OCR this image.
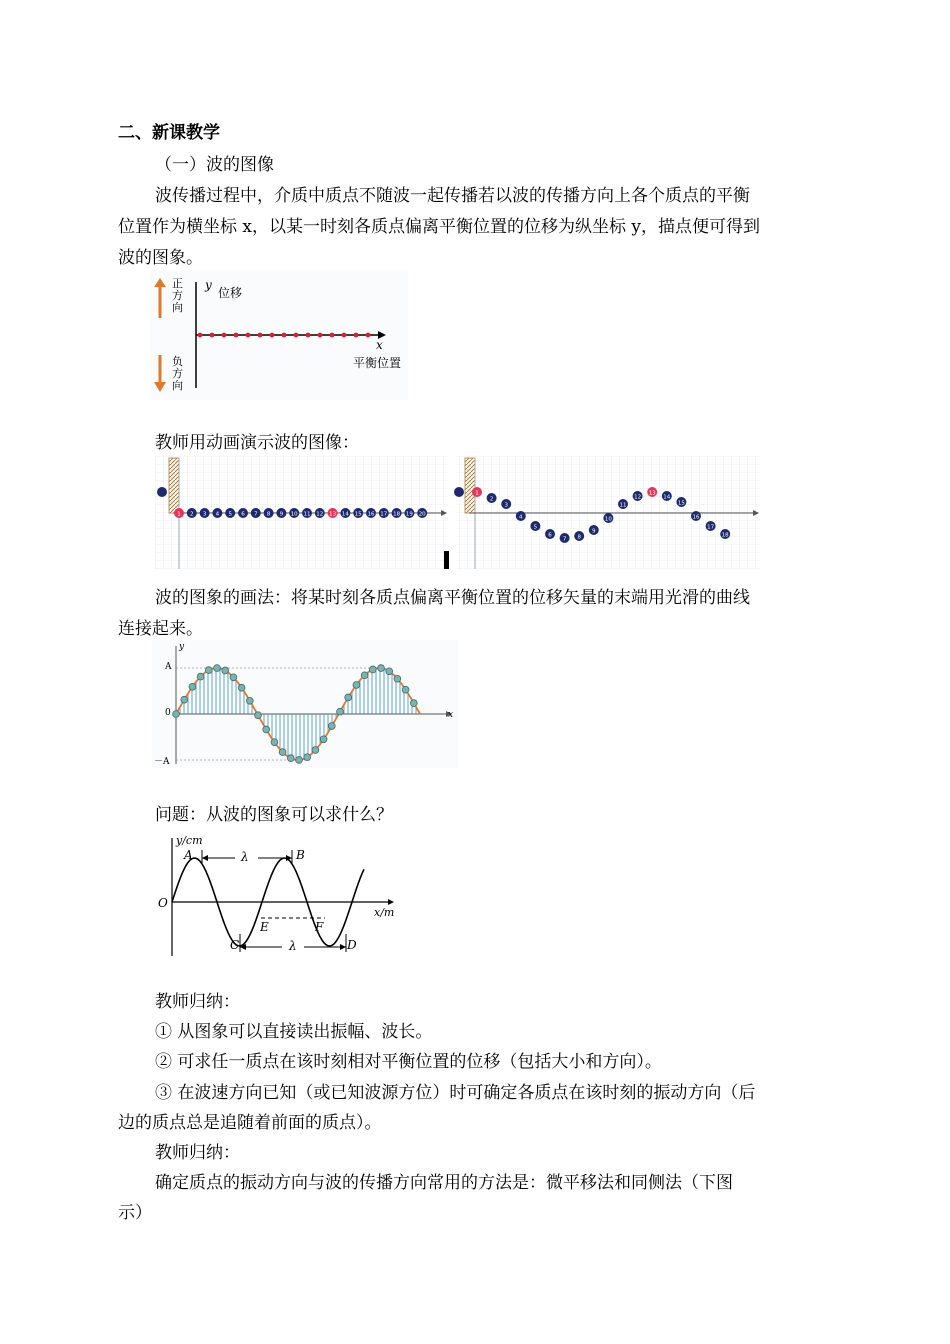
二、新课教学
（一）波的图像
波传播过程中，介质中质点不随波一起传播若以波的传播方向上各个质点的平衡
位置作为横坐标 x，以某一时刻各质点偏离平衡位置的位移为纵坐标 y，描点便可得到
波的图象。
正方向
负方向
y
位移
x
平衡位置
教师用动画演示波的图像：
1 2 3 4 5 6 7 8 9 10 11 12 13 14 15 16 17 18 19 20
1
2
3
4
5
6
7 8
9
10
11
12
13
14
15
16
17
18
波的图象的画法：将某时刻各质点偏离平衡位置的位移矢量的末端用光滑的曲线
连接起来。
y
x
A
0
－A
问题：从波的图象可以求什么？
y/cm
x/m
O
A	B
C	D
E	F
λ
λ
教师归纳：
① 从图象可以直接读出振幅、波长。
② 可求任一质点在该时刻相对平衡位置的位移（包括大小和方向）。
③ 在波速方向已知（或已知波源方位）时可确定各质点在该时刻的振动方向（后
边的质点总是追随着前面的质点）。
教师归纳：
确定质点的振动方向与波的传播方向常用的方法是：微平移法和同侧法（下图
示）
